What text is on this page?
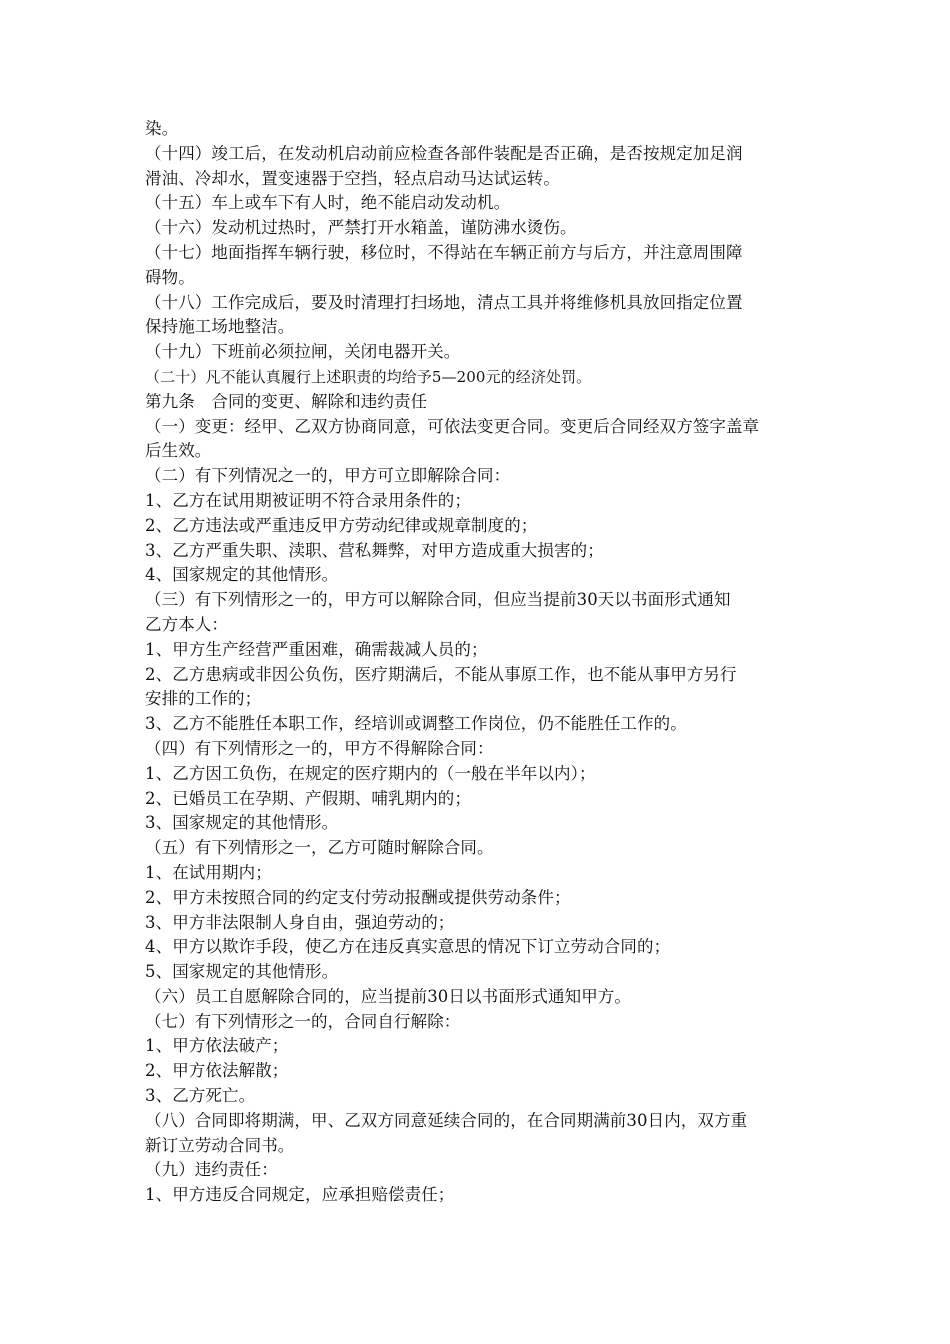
染。
（十四）竣工后，在发动机启动前应检查各部件装配是否正确，是否按规定加足润
滑油、冷却水，置变速器于空挡，轻点启动马达试运转。
（十五）车上或车下有人时，绝不能启动发动机。
（十六）发动机过热时，严禁打开水箱盖，谨防沸水烫伤。
（十七）地面指挥车辆行驶，移位时，不得站在车辆正前方与后方，并注意周围障
碍物。
（十八）工作完成后，要及时清理打扫场地，清点工具并将维修机具放回指定位置
保持施工场地整洁。
（十九）下班前必须拉闸，关闭电器开关。
（二十）凡不能认真履行上述职责的均给予5—200元的经济处罚。
第九条　合同的变更、解除和违约责任
（一）变更：经甲、乙双方协商同意，可依法变更合同。变更后合同经双方签字盖章
后生效。
（二）有下列情况之一的，甲方可立即解除合同：
1、乙方在试用期被证明不符合录用条件的；
2、乙方违法或严重违反甲方劳动纪律或规章制度的；
3、乙方严重失职、渎职、营私舞弊，对甲方造成重大损害的；
4、国家规定的其他情形。
（三）有下列情形之一的，甲方可以解除合同，但应当提前30天以书面形式通知
乙方本人：
1、甲方生产经营严重困难，确需裁减人员的；
2、乙方患病或非因公负伤，医疗期满后，不能从事原工作，也不能从事甲方另行
安排的工作的；
3、乙方不能胜任本职工作，经培训或调整工作岗位，仍不能胜任工作的。
（四）有下列情形之一的，甲方不得解除合同：
1、乙方因工负伤，在规定的医疗期内的（一般在半年以内）；
2、已婚员工在孕期、产假期、哺乳期内的；
3、国家规定的其他情形。
（五）有下列情形之一，乙方可随时解除合同。
1、在试用期内；
2、甲方未按照合同的约定支付劳动报酬或提供劳动条件；
3、甲方非法限制人身自由，强迫劳动的；
4、甲方以欺诈手段，使乙方在违反真实意思的情况下订立劳动合同的；
5、国家规定的其他情形。
（六）员工自愿解除合同的，应当提前30日以书面形式通知甲方。
（七）有下列情形之一的，合同自行解除：
1、甲方依法破产；
2、甲方依法解散；
3、乙方死亡。
（八）合同即将期满，甲、乙双方同意延续合同的，在合同期满前30日内，双方重
新订立劳动合同书。
（九）违约责任：
1、甲方违反合同规定，应承担赔偿责任；
